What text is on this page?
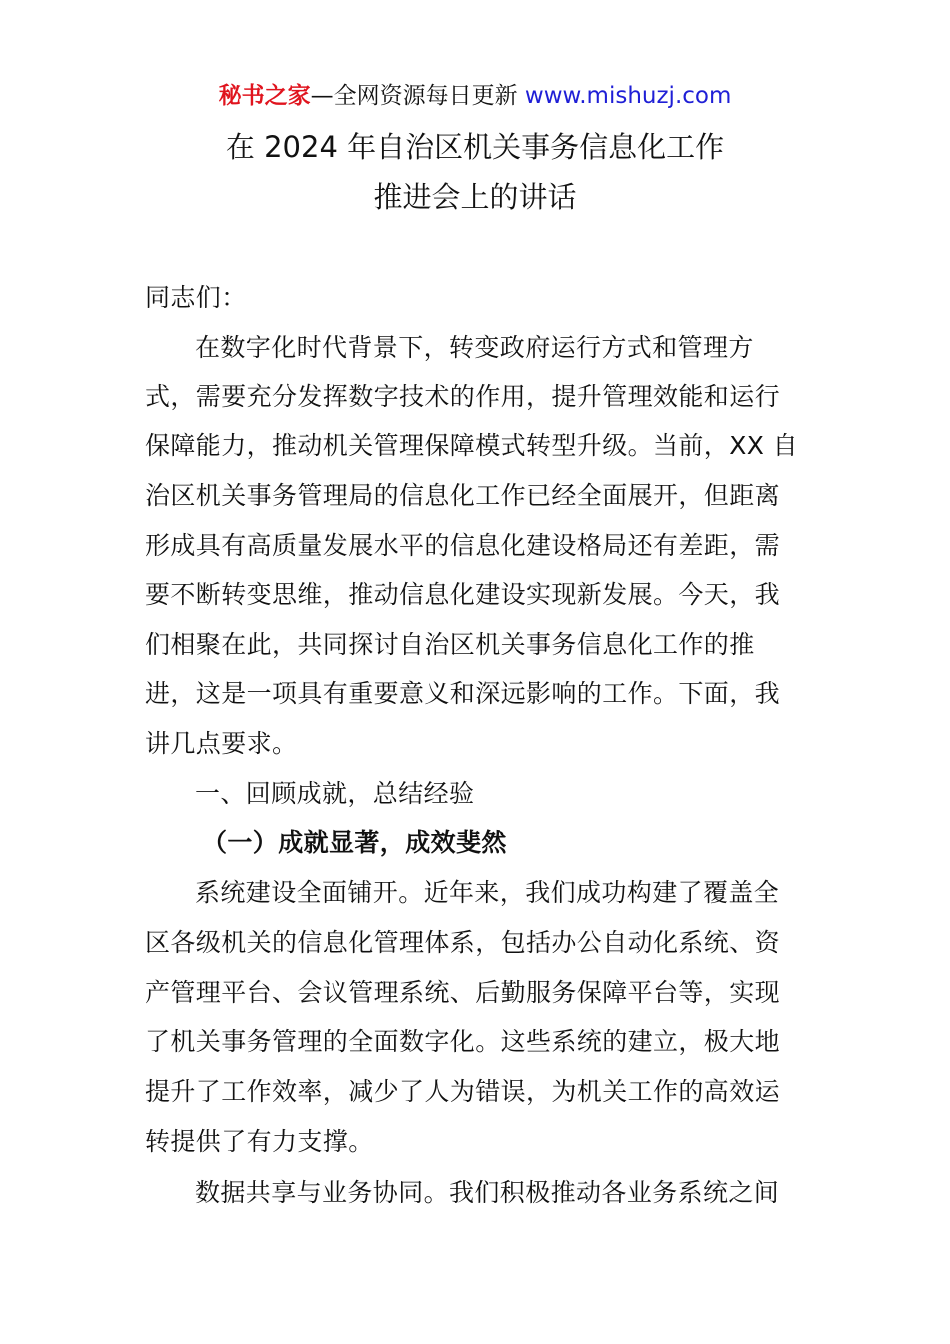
秘书之家—全网资源每日更新 www.mishuzj.com
在 2024 年自治区机关事务信息化工作
推进会上的讲话
同志们：
在数字化时代背景下，转变政府运行方式和管理方
式，需要充分发挥数字技术的作用，提升管理效能和运行
保障能力，推动机关管理保障模式转型升级。当前，XX 自
治区机关事务管理局的信息化工作已经全面展开，但距离
形成具有高质量发展水平的信息化建设格局还有差距，需
要不断转变思维，推动信息化建设实现新发展。今天，我
们相聚在此，共同探讨自治区机关事务信息化工作的推
进，这是一项具有重要意义和深远影响的工作。下面，我
讲几点要求。
一、回顾成就，总结经验
（一）成就显著，成效斐然
系统建设全面铺开。近年来，我们成功构建了覆盖全
区各级机关的信息化管理体系，包括办公自动化系统、资
产管理平台、会议管理系统、后勤服务保障平台等，实现
了机关事务管理的全面数字化。这些系统的建立，极大地
提升了工作效率，减少了人为错误，为机关工作的高效运
转提供了有力支撑。
数据共享与业务协同。我们积极推动各业务系统之间
